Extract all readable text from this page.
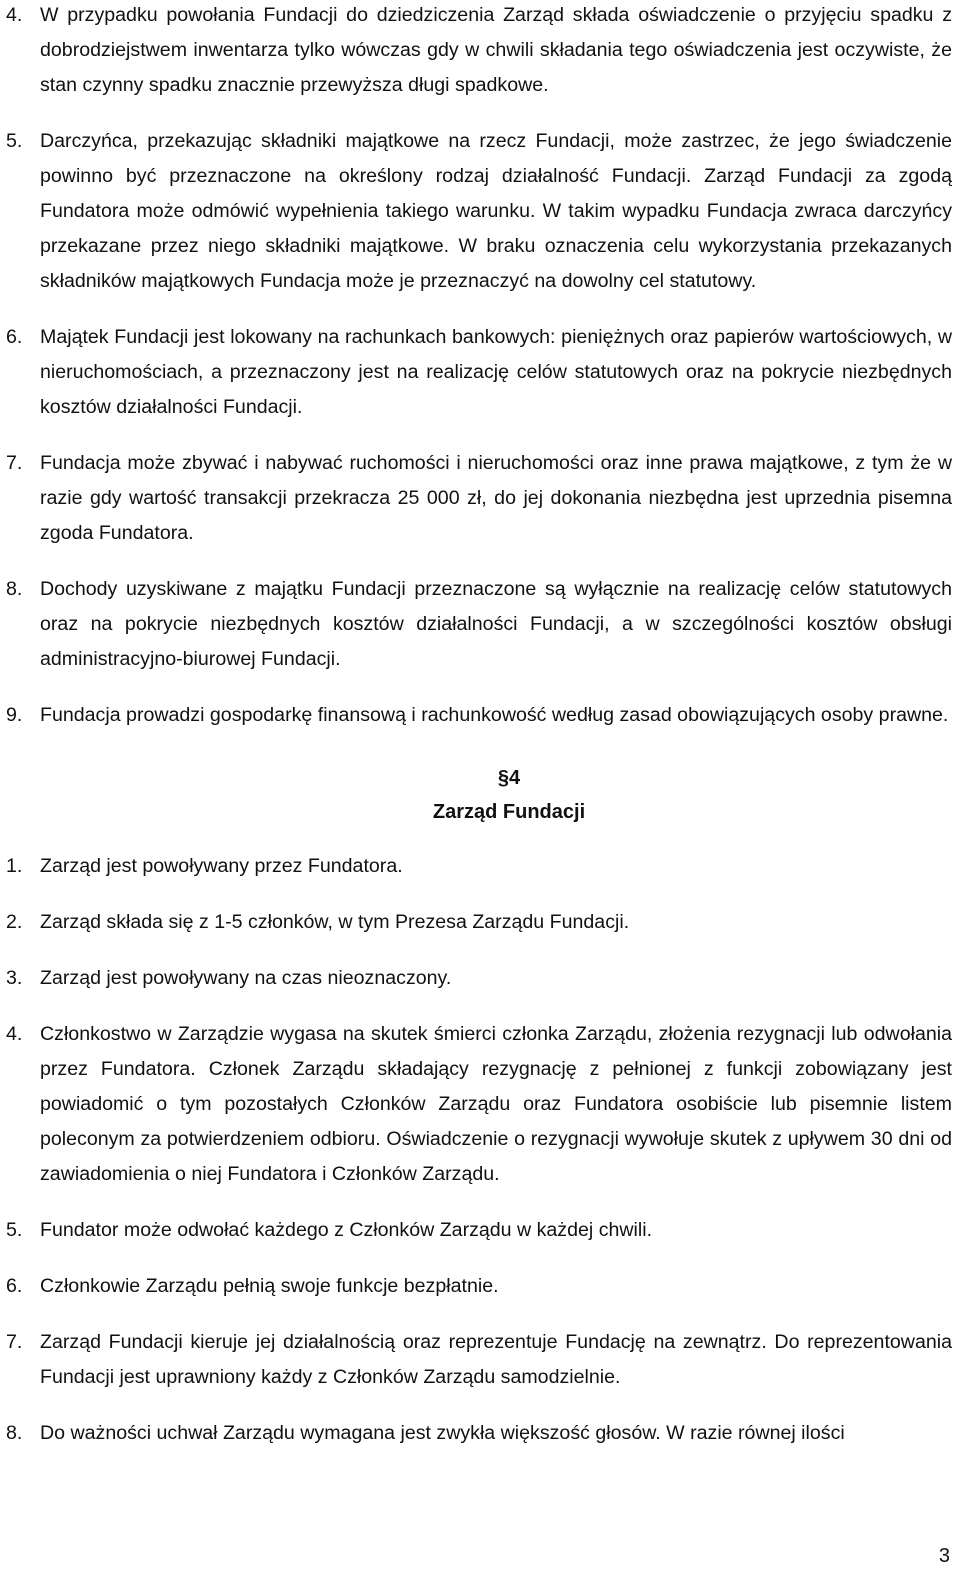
4. W przypadku powołania Fundacji do dziedziczenia Zarząd składa oświadczenie o przyjęciu spadku z dobrodziejstwem inwentarza tylko wówczas gdy w chwili składania tego oświadczenia jest oczywiste, że stan czynny spadku znacznie przewyższa długi spadkowe.
5. Darczyńca, przekazując składniki majątkowe na rzecz Fundacji, może zastrzec, że jego świadczenie powinno być przeznaczone na określony rodzaj działalność Fundacji. Zarząd Fundacji za zgodą Fundatora może odmówić wypełnienia takiego warunku. W takim wypadku Fundacja zwraca darczyńcy przekazane przez niego składniki majątkowe. W braku oznaczenia celu wykorzystania przekazanych składników majątkowych Fundacja może je przeznaczyć na dowolny cel statutowy.
6. Majątek Fundacji jest lokowany na rachunkach bankowych: pieniężnych oraz papierów wartościowych, w nieruchomościach, a przeznaczony jest na realizację celów statutowych oraz na pokrycie niezbędnych kosztów działalności Fundacji.
7. Fundacja może zbywać i nabywać ruchomości i nieruchomości oraz inne prawa majątkowe, z tym że w razie gdy wartość transakcji przekracza 25 000 zł, do jej dokonania niezbędna jest uprzednia pisemna zgoda Fundatora.
8. Dochody uzyskiwane z majątku Fundacji przeznaczone są wyłącznie na realizację celów statutowych oraz na pokrycie niezbędnych kosztów działalności Fundacji, a w szczególności kosztów obsługi administracyjno-biurowej Fundacji.
9. Fundacja prowadzi gospodarkę finansową i rachunkowość według zasad obowiązujących osoby prawne.
§4
Zarząd Fundacji
1. Zarząd jest powoływany przez Fundatora.
2. Zarząd składa się z 1-5 członków, w tym Prezesa Zarządu Fundacji.
3. Zarząd jest powoływany na czas nieoznaczony.
4. Członkostwo w Zarządzie wygasa na skutek śmierci członka Zarządu, złożenia rezygnacji lub odwołania przez Fundatora. Członek Zarządu składający rezygnację z pełnionej z funkcji zobowiązany jest powiadomić o tym pozostałych Członków Zarządu oraz Fundatora osobiście lub pisemnie listem poleconym za potwierdzeniem odbioru. Oświadczenie o rezygnacji wywołuje skutek z upływem 30 dni od zawiadomienia o niej Fundatora i Członków Zarządu.
5. Fundator może odwołać każdego z Członków Zarządu w każdej chwili.
6. Członkowie Zarządu pełnią swoje funkcje bezpłatnie.
7. Zarząd Fundacji kieruje jej działalnością oraz reprezentuje Fundację na zewnątrz. Do reprezentowania Fundacji jest uprawniony każdy z Członków Zarządu samodzielnie.
8. Do ważności uchwał Zarządu wymagana jest zwykła większość głosów. W razie równej ilości
3
